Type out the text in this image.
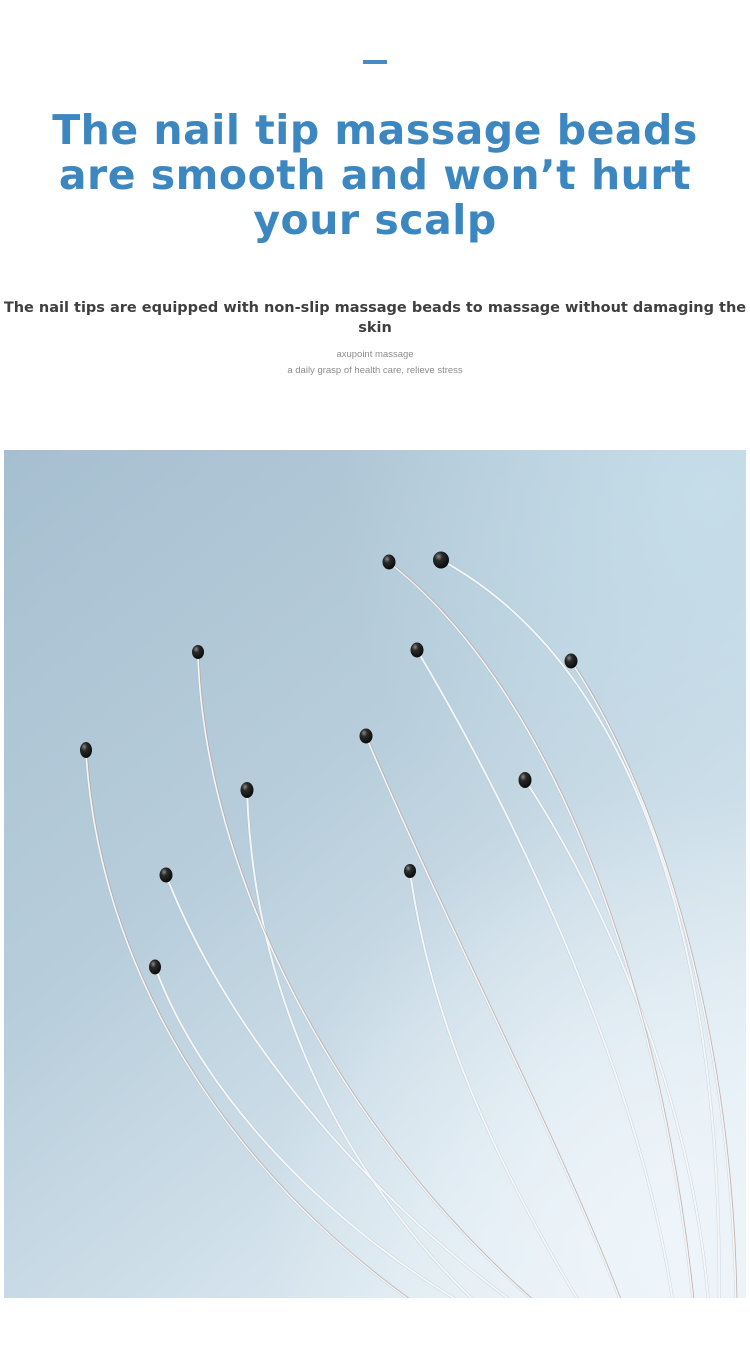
The nail tip massage beads
are smooth and won’t hurt
your scalp
The nail tips are equipped with non-slip massage beads to massage without damaging the skin
axupoint massage
a daily grasp of health care, relieve stress
